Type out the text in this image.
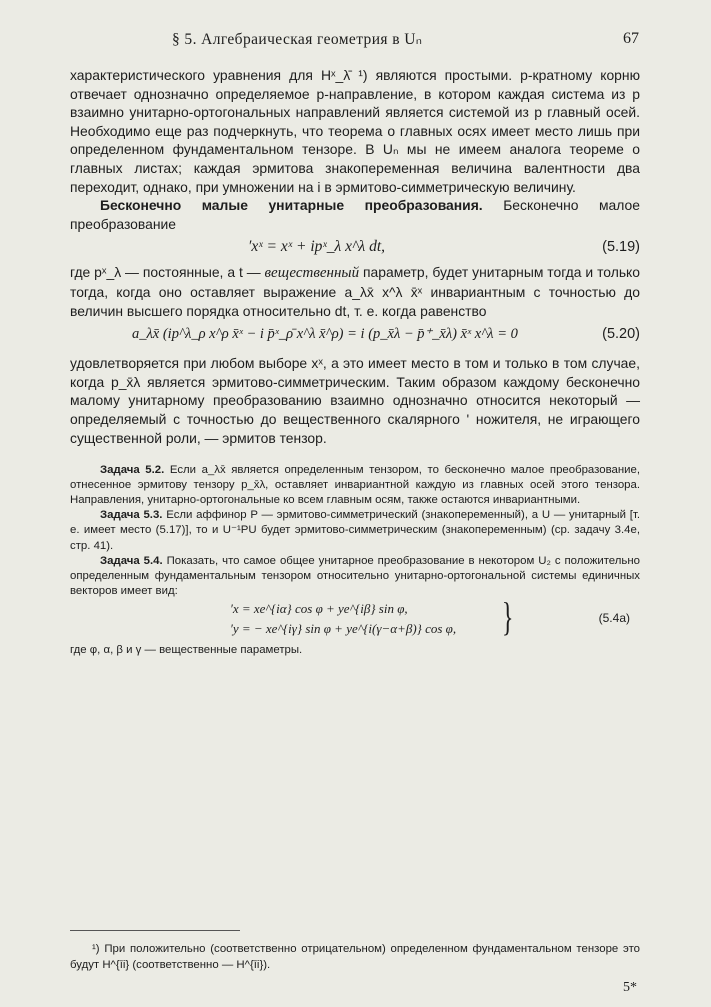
§ 5. Алгебраическая геометрия в Uₙ	67

характеристического уравнения для Hˣ_λ̄ ¹) являются простыми. p-кратному корню отвечает однозначно определяемое p-направление, в котором каждая система из p взаимно унитарно-ортогональных направлений является системой из p главный осей. Необходимо еще раз подчеркнуть, что теорема о главных осях имеет место лишь при определенном фундаментальном тензоре. В Uₙ мы не имеем аналога теореме о главных листах; каждая эрмитова знакопеременная величина валентности два переходит, однако, при умножении на i в эрмитово-симметрическую величину.

Бесконечно малые унитарные преобразования. Бесконечно малое преобразование

′xˣ = xˣ + ipˣ_λ x^λ dt,	(5.19)

где pˣ_λ — постоянные, а t — вещественный параметр, будет унитарным тогда и только тогда, когда оно оставляет выражение a_λx̄ x^λ x̄ˣ инвариантным с точностью до величин высшего порядка относительно dt, т. е. когда равенство

a_λx̄ (ip^λ_ρ x^ρ x̄ˣ − i p̄ˣ_ρ̄ x^λ x̄^ρ) = i (p_x̄λ − p̄⁺_x̄λ) x̄ˣ x^λ = 0	(5.20)

удовлетворяется при любом выборе xˣ, а это имеет место в том и только в том случае, когда p_x̄λ является эрмитово-симметрическим. Таким образом каждому бесконечно малому унитарному преобразованию взаимно однозначно относится некоторый — определяемый с точностью до вещественного скалярного ' ножителя, не играющего существенной роли, — эрмитов тензор.

Задача 5.2. Если a_λx̄ является определенным тензором, то бесконечно малое преобразование, отнесенное эрмитову тензору p_x̄λ, оставляет инвариантной каждую из главных осей этого тензора. Направления, унитарно-ортогональные ко всем главным осям, также остаются инвариантными.

Задача 5.3. Если аффинор P — эрмитово-симметрический (знакопеременный), а U — унитарный [т. е. имеет место (5.17)], то и U⁻¹PU будет эрмитово-симметрическим (знакопеременным) (ср. задачу 3.4е, стр. 41).

Задача 5.4. Показать, что самое общее унитарное преобразование в некотором U₂ с положительно определенным фундаментальным тензором относительно унитарно-ортогональной системы единичных векторов имеет вид:

′x = xe^{iα} cos φ + ye^{iβ} sin φ,
′y = − xe^{iγ} sin φ + ye^{i(γ−α+β)} cos φ, }	(5.4а)

где φ, α, β и γ — вещественные параметры.

¹) При положительно (соответственно отрицательном) определенном фундаментальном тензоре это будут H^{īi} (соответственно — H^{īi}).
5*
